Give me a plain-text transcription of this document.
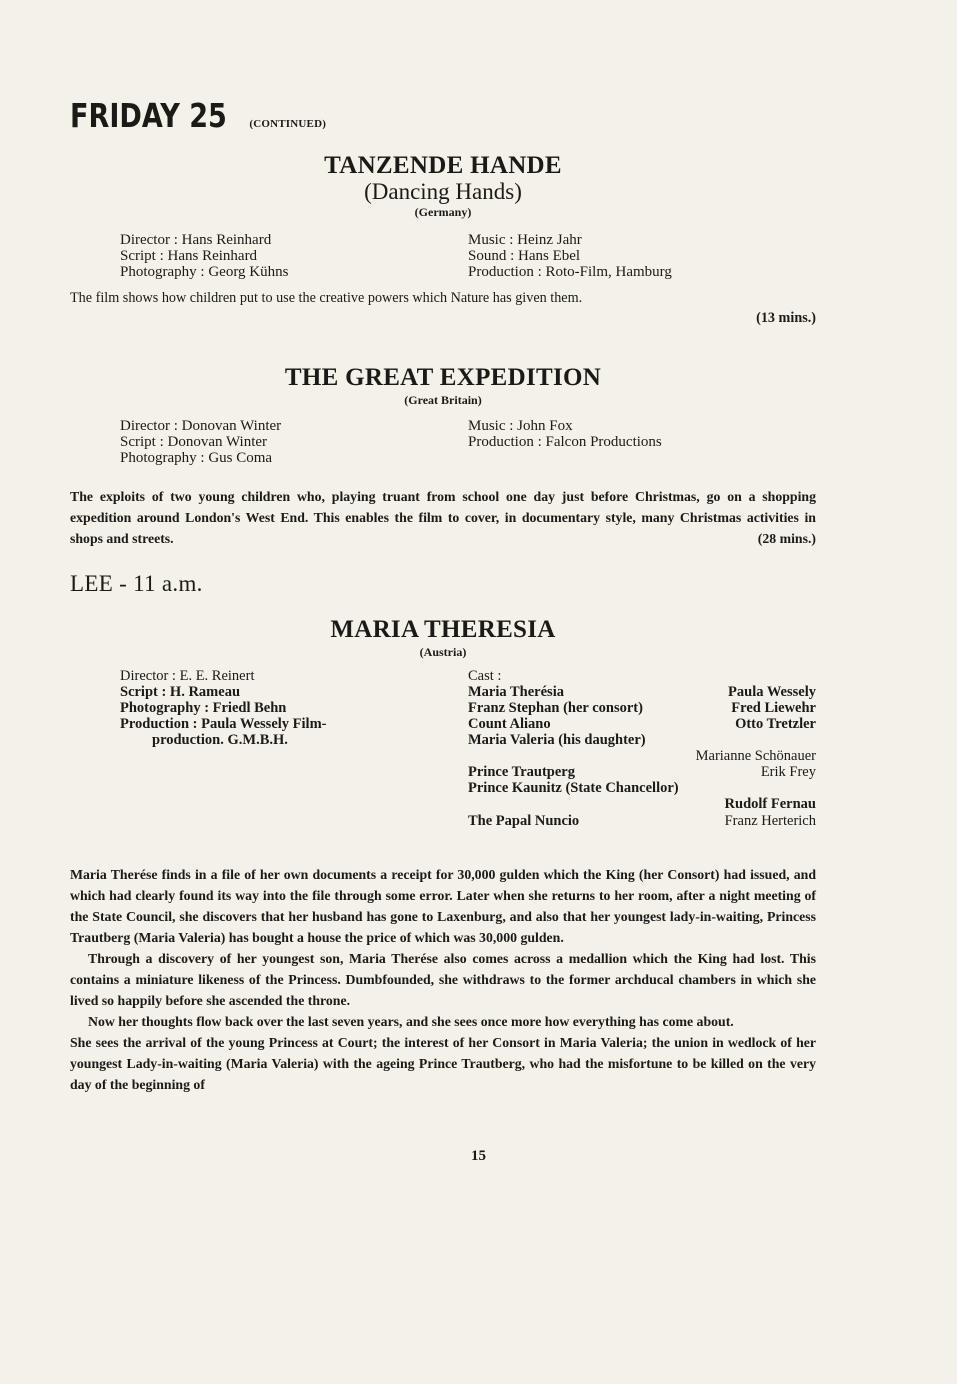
FRIDAY 25 (CONTINUED)
TANZENDE HANDE
(Dancing Hands)
(Germany)
Director : Hans Reinhard
Script : Hans Reinhard
Photography : Georg Kühns
Music : Heinz Jahr
Sound : Hans Ebel
Production : Roto-Film, Hamburg
The film shows how children put to use the creative powers which Nature has given them.
(13 mins.)
THE GREAT EXPEDITION
(Great Britain)
Director : Donovan Winter
Script : Donovan Winter
Photography : Gus Coma
Music : John Fox
Production : Falcon Productions
The exploits of two young children who, playing truant from school one day just before Christmas, go on a shopping expedition around London's West End. This enables the film to cover, in documentary style, many Christmas activities in shops and streets.	(28 mins.)
LEE - 11 a.m.
MARIA THERESIA
(Austria)
Director : E. E. Reinert
Script : H. Rameau
Photography : Friedl Behn
Production : Paula Wessely Film-
production. G.M.B.H.
Cast :
Maria Therésia	Paula Wessely
Franz Stephan (her consort)	Fred Liewehr
Count Aliano	Otto Tretzler
Maria Valeria (his daughter)
Marianne Schönauer
Prince Trautperg	Erik Frey
Prince Kaunitz (State Chancellor)
Rudolf Fernau
The Papal Nuncio	Franz Herterich

Maria Therése finds in a file of her own documents a receipt for 30,000 gulden which the King (her Consort) had issued, and which had clearly found its way into the file through some error. Later when she returns to her room, after a night meeting of the State Council, she discovers that her husband has gone to Laxenburg, and also that her youngest lady-in-waiting, Princess Trautberg (Maria Valeria) has bought a house the price of which was 30,000 gulden.

Through a discovery of her youngest son, Maria Therése also comes across a medallion which the King had lost. This contains a miniature likeness of the Princess. Dumbfounded, she withdraws to the former archducal chambers in which she lived so happily before she ascended the throne.

Now her thoughts flow back over the last seven years, and she sees once more how everything has come about.

She sees the arrival of the young Princess at Court; the interest of her Consort in Maria Valeria; the union in wedlock of her youngest Lady-in-waiting (Maria Valeria) with the ageing Prince Trautberg, who had the misfortune to be killed on the very day of the beginning of

15
